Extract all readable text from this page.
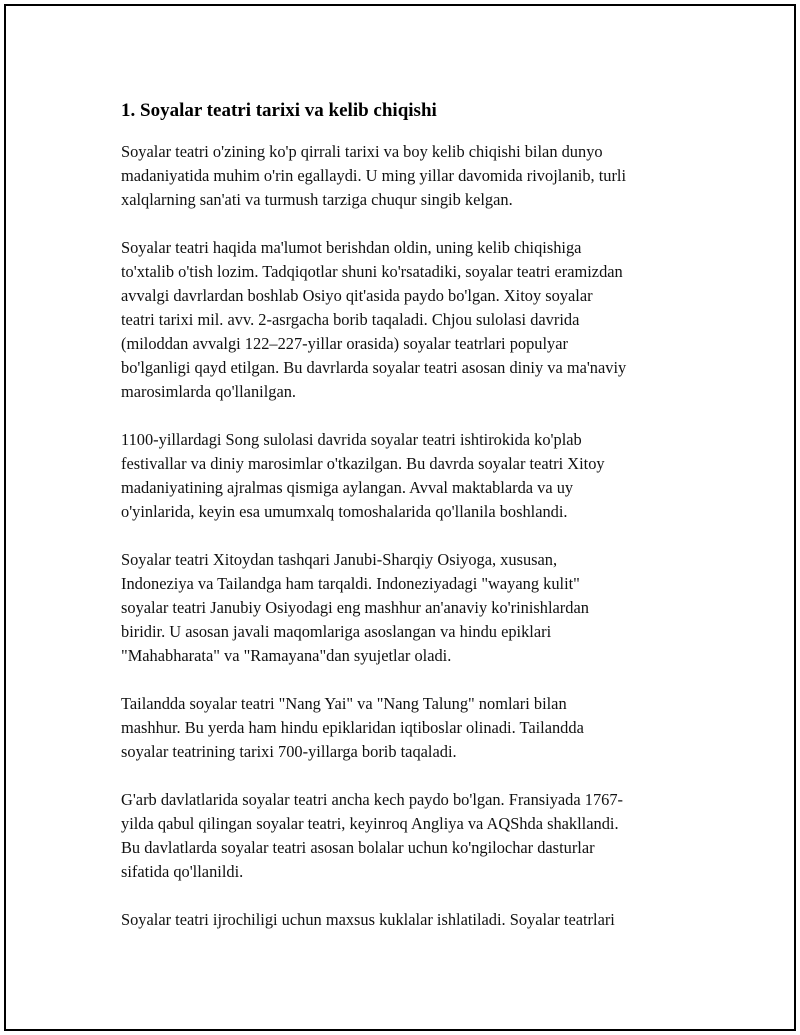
1. Soyalar teatri tarixi va kelib chiqishi

Soyalar teatri o'zining ko'p qirrali tarixi va boy kelib chiqishi bilan dunyo
madaniyatida muhim o'rin egallaydi. U ming yillar davomida rivojlanib, turli
xalqlarning san'ati va turmush tarziga chuqur singib kelgan.

Soyalar teatri haqida ma'lumot berishdan oldin, uning kelib chiqishiga
to'xtalib o'tish lozim. Tadqiqotlar shuni ko'rsatadiki, soyalar teatri eramizdan
avvalgi davrlardan boshlab Osiyo qit'asida paydo bo'lgan. Xitoy soyalar
teatri tarixi mil. avv. 2-asrgacha borib taqaladi. Chjou sulolasi davrida
(miloddan avvalgi 122–227-yillar orasida) soyalar teatrlari populyar
bo'lganligi qayd etilgan. Bu davrlarda soyalar teatri asosan diniy va ma'naviy
marosimlarda qo'llanilgan.

1100-yillardagi Song sulolasi davrida soyalar teatri ishtirokida ko'plab
festivallar va diniy marosimlar o'tkazilgan. Bu davrda soyalar teatri Xitoy
madaniyatining ajralmas qismiga aylangan. Avval maktablarda va uy
o'yinlarida, keyin esa umumxalq tomoshalarida qo'llanila boshlandi.

Soyalar teatri Xitoydan tashqari Janubi-Sharqiy Osiyoga, xususan,
Indoneziya va Tailandga ham tarqaldi. Indoneziyadagi "wayang kulit"
soyalar teatri Janubiy Osiyodagi eng mashhur an'anaviy ko'rinishlardan
biridir. U asosan javali maqomlariga asoslangan va hindu epiklari
"Mahabharata" va "Ramayana"dan syujetlar oladi.

Tailandda soyalar teatri "Nang Yai" va "Nang Talung" nomlari bilan
mashhur. Bu yerda ham hindu epiklaridan iqtiboslar olinadi. Tailandda
soyalar teatrining tarixi 700-yillarga borib taqaladi.

G'arb davlatlarida soyalar teatri ancha kech paydo bo'lgan. Fransiyada 1767-
yilda qabul qilingan soyalar teatri, keyinroq Angliya va AQShda shakllandi.
Bu davlatlarda soyalar teatri asosan bolalar uchun ko'ngilochar dasturlar
sifatida qo'llanildi.

Soyalar teatri ijrochiligi uchun maxsus kuklalar ishlatiladi. Soyalar teatrlari
